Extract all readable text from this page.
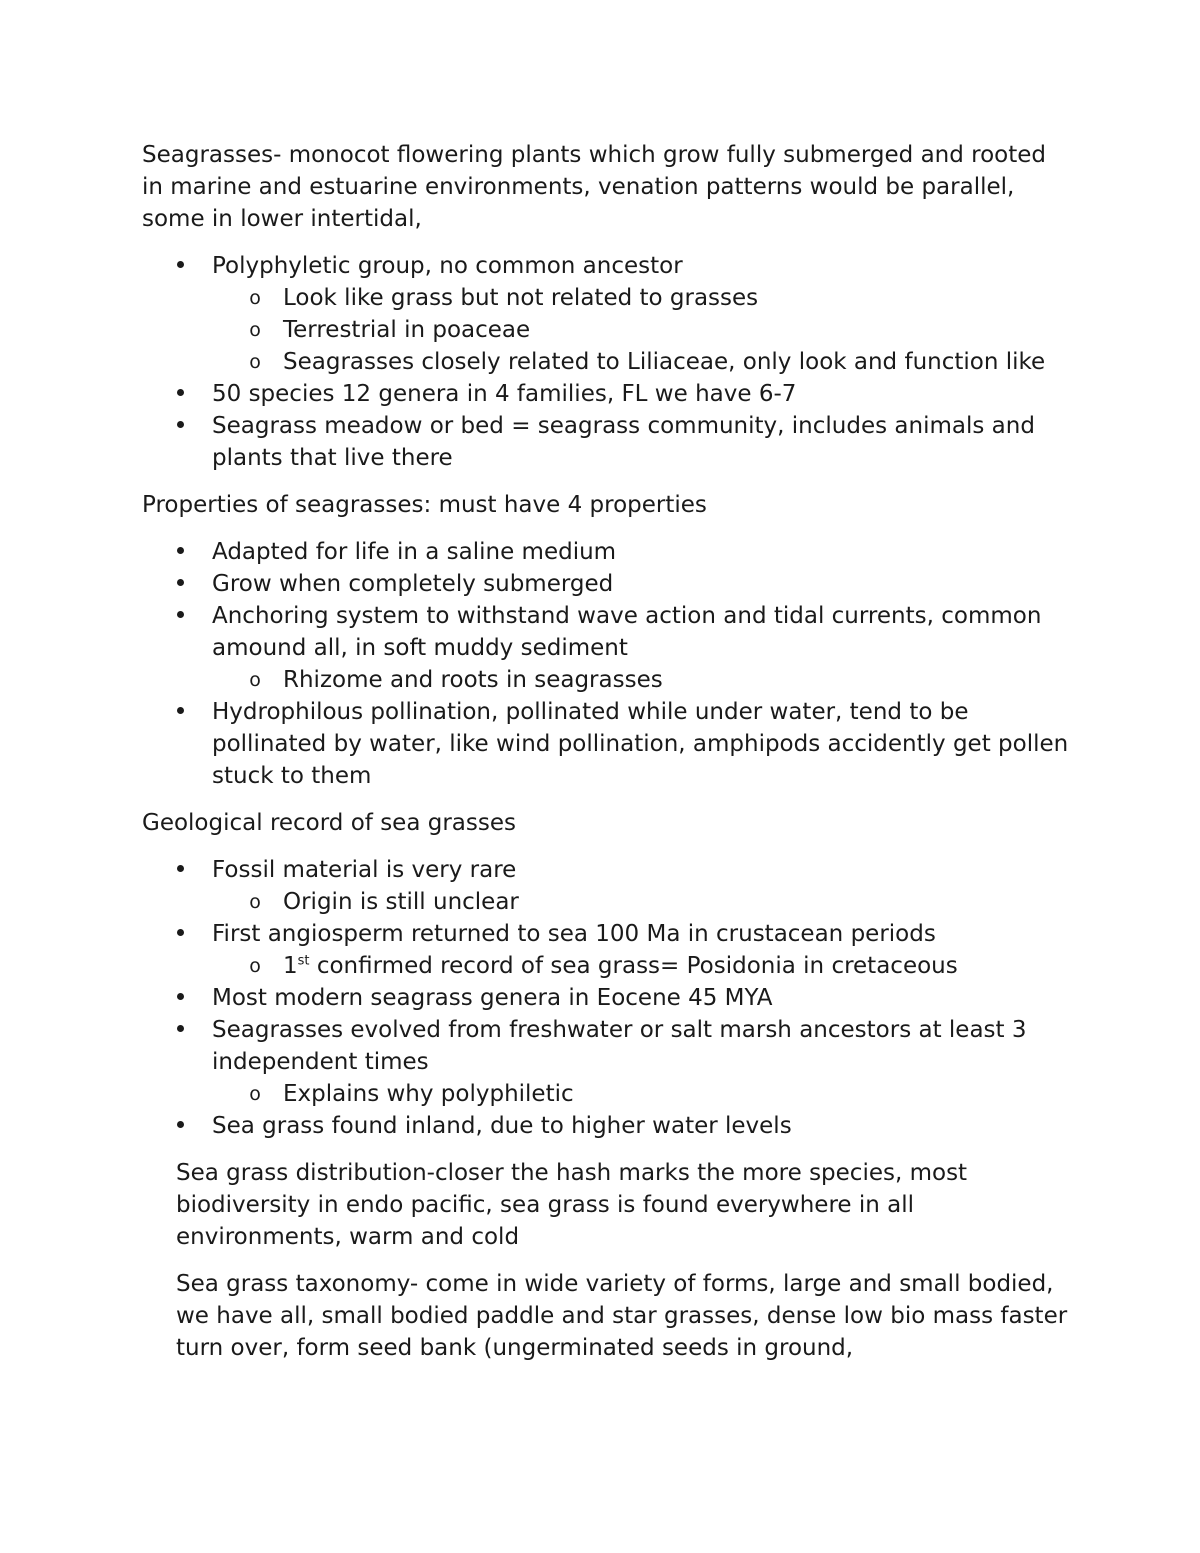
Seagrasses- monocot flowering plants which grow fully submerged and rooted in marine and estuarine environments, venation patterns would be parallel, some in lower intertidal,

Polyphyletic group, no common ancestor
o Look like grass but not related to grasses
o Terrestrial in poaceae
o Seagrasses closely related to Liliaceae, only look and function like
50 species 12 genera in 4 families, FL we have 6-7
Seagrass meadow or bed = seagrass community, includes animals and plants that live there

Properties of seagrasses: must have 4 properties

Adapted for life in a saline medium
Grow when completely submerged
Anchoring system to withstand wave action and tidal currents, common amound all, in soft muddy sediment
o Rhizome and roots in seagrasses
Hydrophilous pollination, pollinated while under water, tend to be pollinated by water, like wind pollination, amphipods accidently get pollen stuck to them

Geological record of sea grasses

Fossil material is very rare
o Origin is still unclear
First angiosperm returned to sea 100 Ma in crustacean periods
o 1st confirmed record of sea grass= Posidonia in cretaceous
Most modern seagrass genera in Eocene 45 MYA
Seagrasses evolved from freshwater or salt marsh ancestors at least 3 independent times
o Explains why polyphiletic
Sea grass found inland, due to higher water levels

Sea grass distribution-closer the hash marks the more species, most biodiversity in endo pacific, sea grass is found everywhere in all environments, warm and cold

Sea grass taxonomy- come in wide variety of forms, large and small bodied, we have all, small bodied paddle and star grasses, dense low bio mass faster turn over, form seed bank (ungerminated seeds in ground,
